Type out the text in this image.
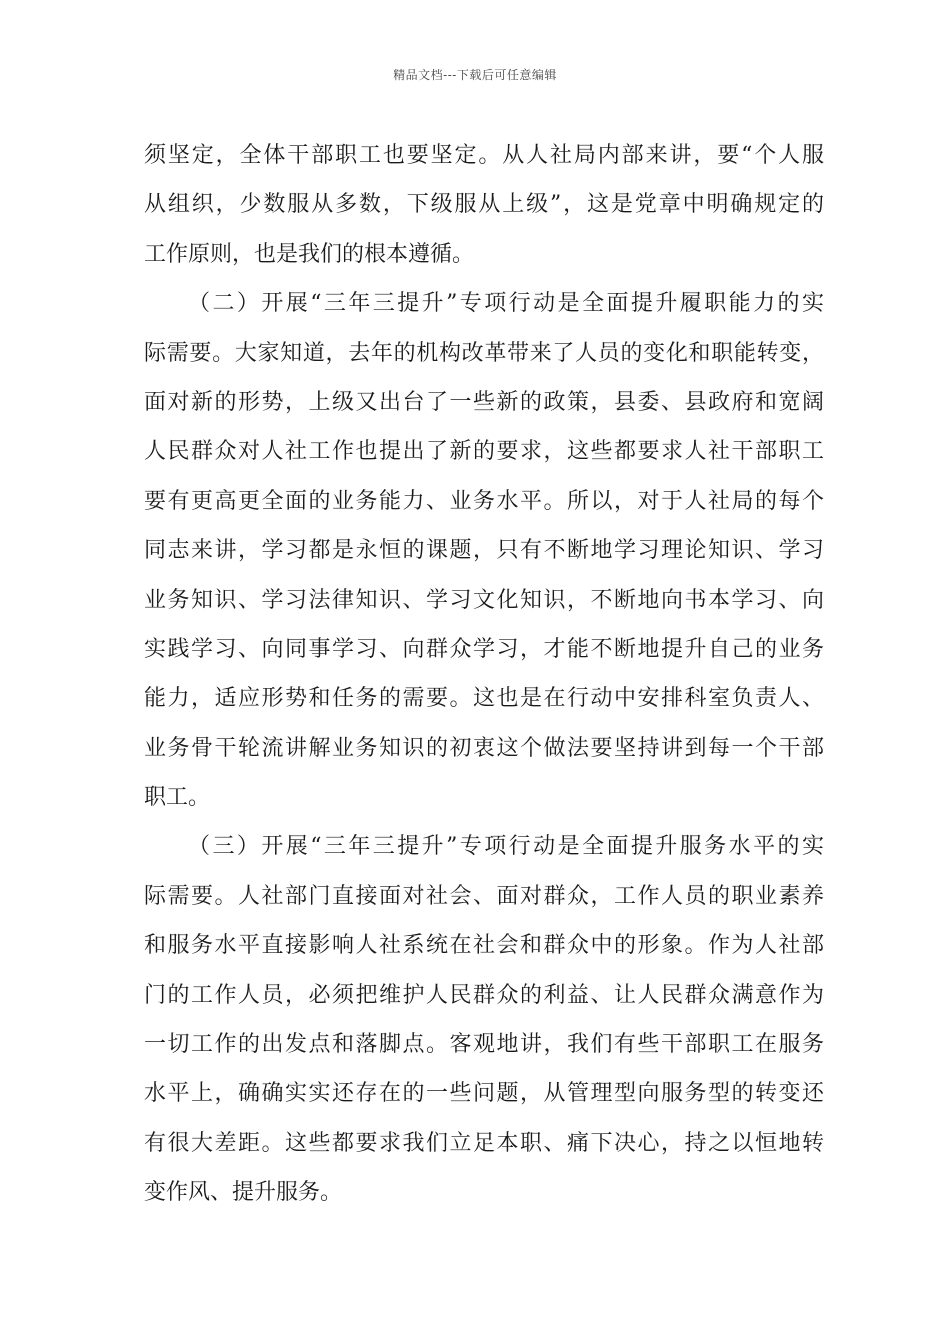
精品文档---下载后可任意编辑
须坚定，全体干部职工也要坚定。从人社局内部来讲，要“个人服
从组织，少数服从多数，下级服从上级”，这是党章中明确规定的
工作原则，也是我们的根本遵循。
（二）开展“三年三提升”专项行动是全面提升履职能力的实
际需要。大家知道，去年的机构改革带来了人员的变化和职能转变，
面对新的形势，上级又出台了一些新的政策，县委、县政府和宽阔
人民群众对人社工作也提出了新的要求，这些都要求人社干部职工
要有更高更全面的业务能力、业务水平。所以，对于人社局的每个
同志来讲，学习都是永恒的课题，只有不断地学习理论知识、学习
业务知识、学习法律知识、学习文化知识，不断地向书本学习、向
实践学习、向同事学习、向群众学习，才能不断地提升自己的业务
能力，适应形势和任务的需要。这也是在行动中安排科室负责人、
业务骨干轮流讲解业务知识的初衷这个做法要坚持讲到每一个干部
职工。
（三）开展“三年三提升”专项行动是全面提升服务水平的实
际需要。人社部门直接面对社会、面对群众，工作人员的职业素养
和服务水平直接影响人社系统在社会和群众中的形象。作为人社部
门的工作人员，必须把维护人民群众的利益、让人民群众满意作为
一切工作的出发点和落脚点。客观地讲，我们有些干部职工在服务
水平上，确确实实还存在的一些问题，从管理型向服务型的转变还
有很大差距。这些都要求我们立足本职、痛下决心，持之以恒地转
变作风、提升服务。
